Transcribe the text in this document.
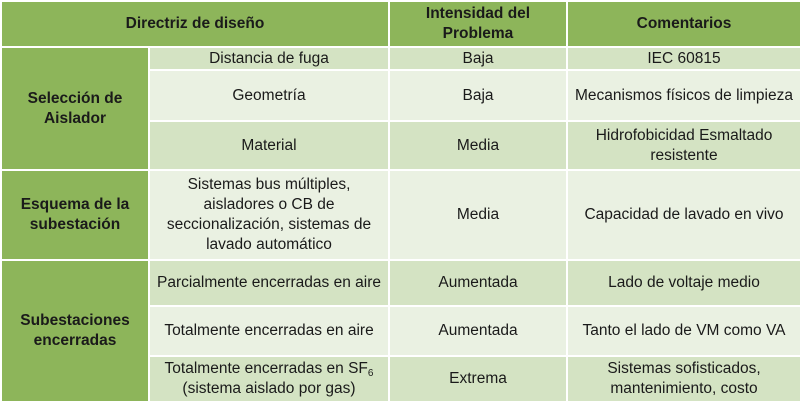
Directriz de diseño		Intensidad del Problema	Comentarios
Selección de Aislador	Distancia de fuga	Baja	IEC 60815
	Geometría	Baja	Mecanismos físicos de limpieza
	Material	Media	Hidrofobicidad Esmaltado resistente
Esquema de la subestación	Sistemas bus múltiples, aisladores o CB de seccionalización, sistemas de lavado automático	Media	Capacidad de lavado en vivo
Subestaciones encerradas	Parcialmente encerradas en aire	Aumentada	Lado de voltaje medio
	Totalmente encerradas en aire	Aumentada	Tanto el lado de VM como VA
	Totalmente encerradas en $SF_6$ (sistema aislado por gas)	Extrema	Sistemas sofisticados, mantenimiento, costo
